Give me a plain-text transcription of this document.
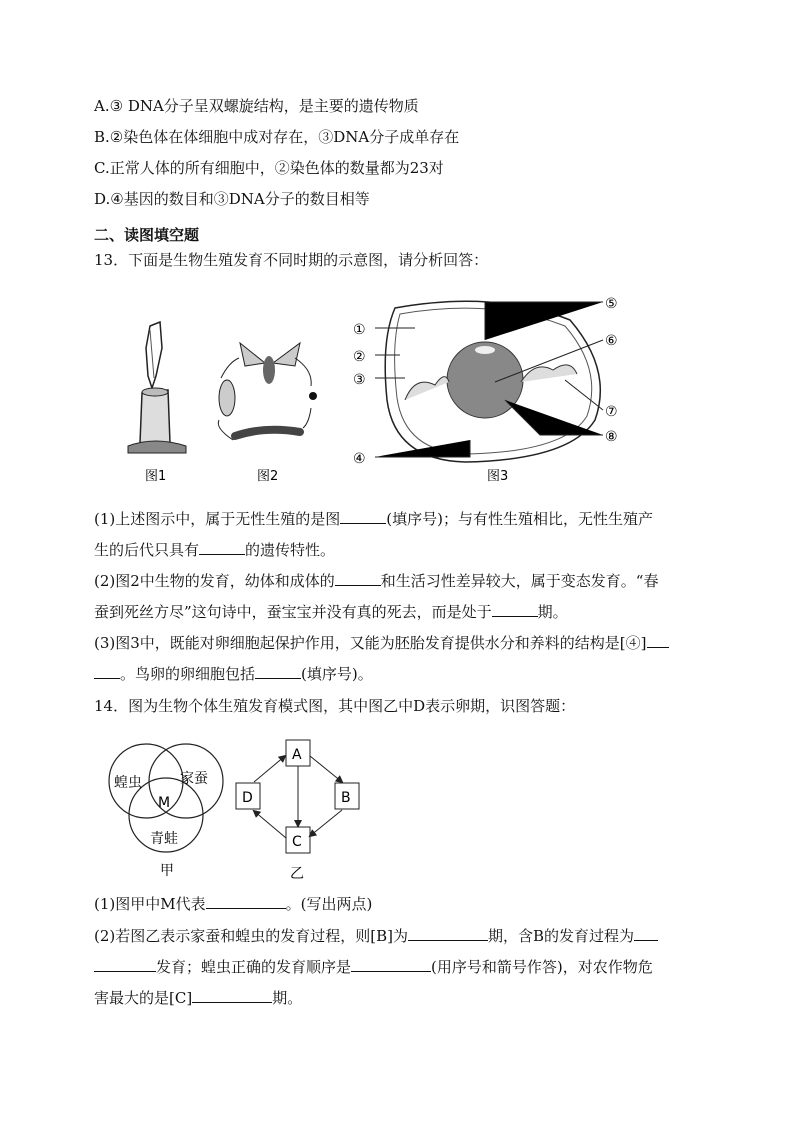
A.③ DNA分子呈双螺旋结构，是主要的遗传物质
B.②染色体在体细胞中成对存在，③DNA分子成单存在
C.正常人体的所有细胞中，②染色体的数量都为23对
D.④基因的数目和③DNA分子的数目相等
二、读图填空题
13．下面是生物生殖发育不同时期的示意图，请分析回答：
图1	图2
①
②
③
④
⑤
⑥
⑦
⑧
图3
(1)上述图示中，属于无性生殖的是图	(填序号)；与有性生殖相比，无性生殖产
生的后代只具有	的遗传特性。
(2)图2中生物的发育，幼体和成体的	和生活习性差异较大，属于变态发育。“春
蚕到死丝方尽”这句诗中，蚕宝宝并没有真的死去，而是处于	期。
(3)图3中，既能对卵细胞起保护作用，又能为胚胎发育提供水分和养料的结构是[④]
。鸟卵的卵细胞包括	(填序号)。
14．图为生物个体生殖发育模式图，其中图乙中D表示卵期，识图答题：
蝗虫	家蚕
M
青蛙
甲
A
B
C
D
乙
(1)图甲中M代表	。(写出两点)
(2)若图乙表示家蚕和蝗虫的发育过程，则[B]为	期，含B的发育过程为
发育；蝗虫正确的发育顺序是	(用序号和箭号作答)，对农作物危
害最大的是[C]	期。
